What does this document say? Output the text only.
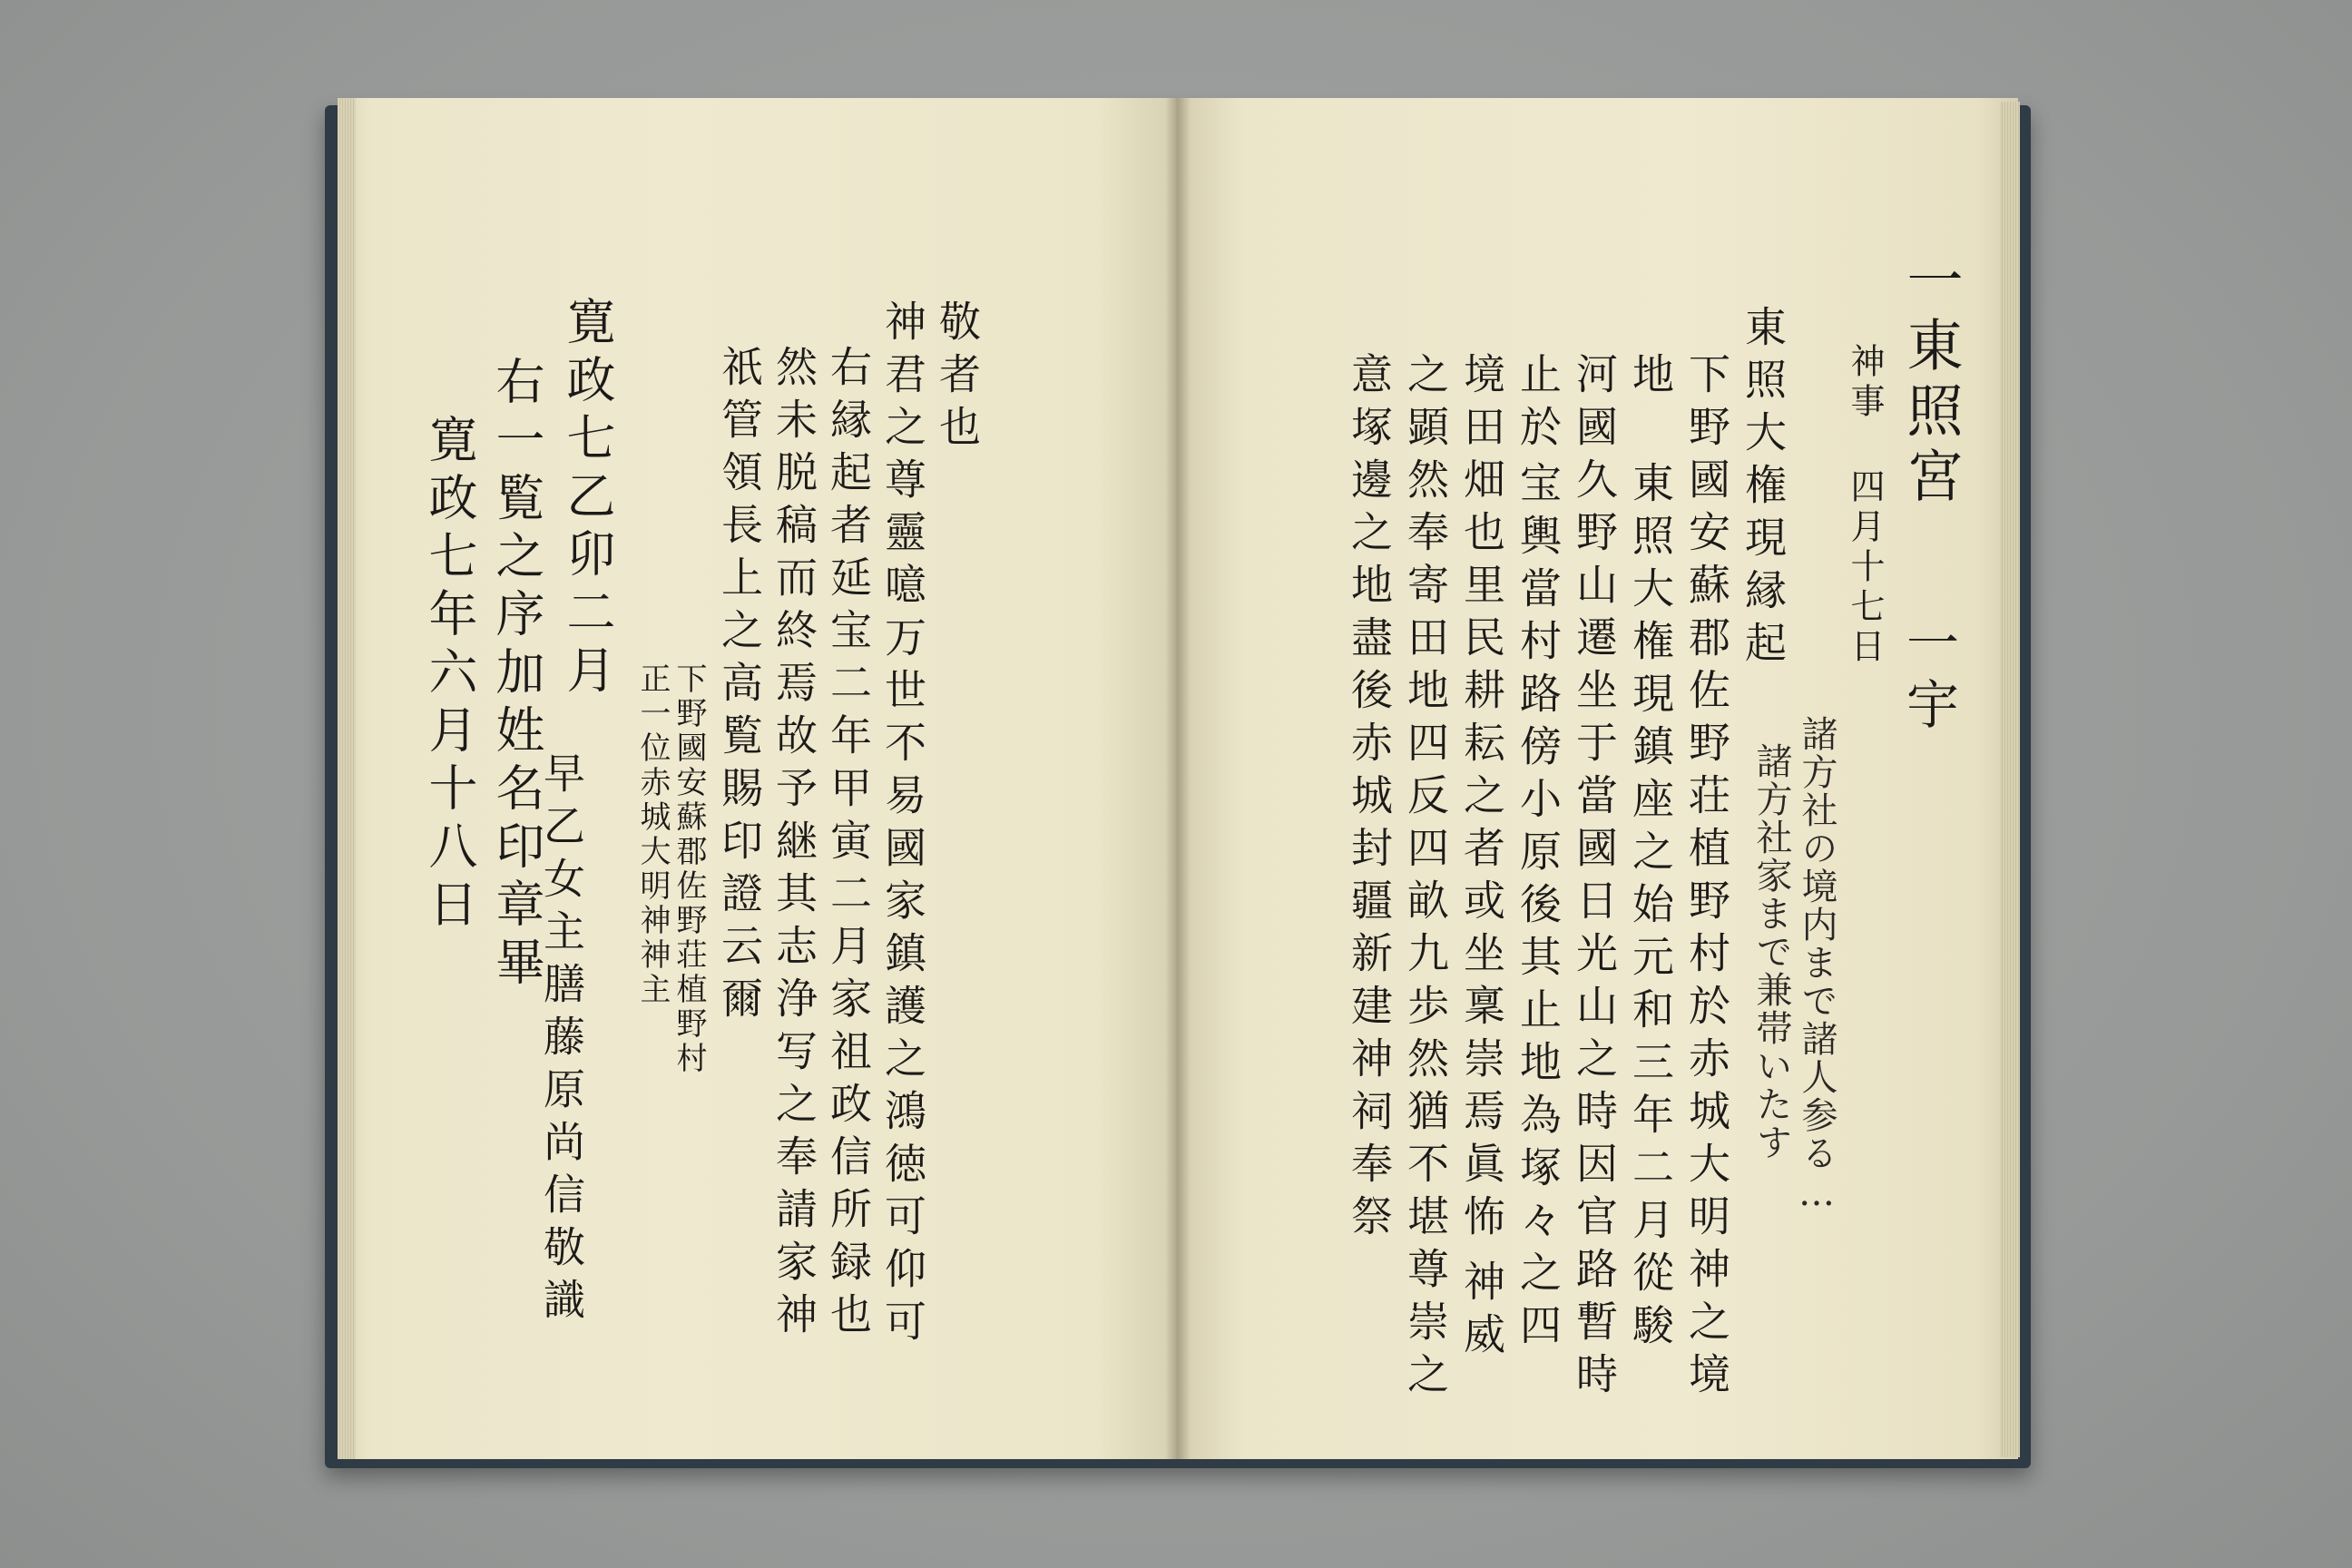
神君之尊靈噫万世不易國家鎮護之鴻徳可仰可 敬者也
右縁起者延宝二年甲寅二月家祖政信所録也
然未脱稿而終焉故予継其志浄写之奉請家神
祇管領長上之高覧賜印證云爾
下野國安蘇郡佐野荘植野村
正一位赤城大明神神主
早乙女主膳藤原尚信敬識
寛政七乙卯二月
右一覧之序加姓名印章畢
寛政七年六月十八日
一東照宮
一宇
神事 四月十七日
諸方社の境内まで諸人参る…
諸方社家まで兼帯いたす
東照大権現縁起
下野國安蘇郡佐野荘植野村於赤城大明神之境
地
東照大権現鎮座之始元和三年二月從駿
河國久野山遷坐于當國日光山之時因官路暫時
止於
宝輿當村路傍小原後其止地為塚々之四
境田畑也里民耕耘之者或坐稟崇焉眞怖
神威
之顕然奉寄田地四反四畝九歩然猶不堪尊崇之
意塚邊之地盡後赤城封疆新建神祠奉祭
